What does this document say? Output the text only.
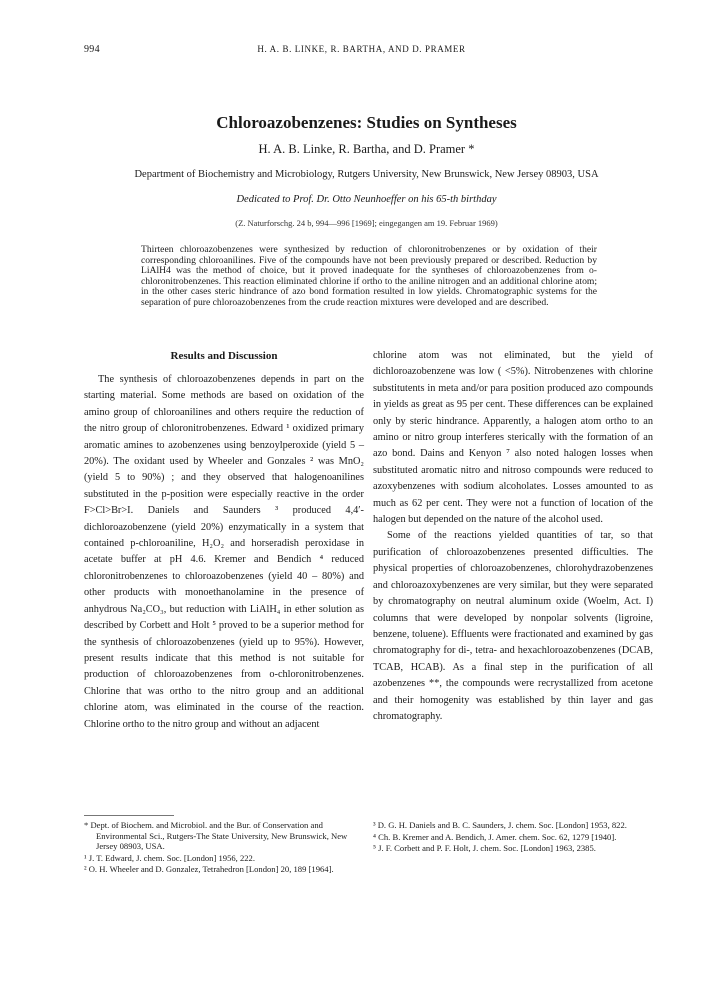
994	H. A. B. LINKE, R. BARTHA, AND D. PRAMER
Chloroazobenzenes: Studies on Syntheses
H. A. B. Linke, R. Bartha, and D. Pramer *
Department of Biochemistry and Microbiology, Rutgers University, New Brunswick, New Jersey 08903, USA
Dedicated to Prof. Dr. Otto Neunhoeffer on his 65-th birthday
(Z. Naturforschg. 24 b, 994—996 [1969]; eingegangen am 19. Februar 1969)
Thirteen chloroazobenzenes were synthesized by reduction of chloronitrobenzenes or by oxidation of their corresponding chloroanilines. Five of the compounds have not been previously prepared or described. Reduction by LiAlH4 was the method of choice, but it proved inadequate for the syntheses of chloroazobenzenes from o-chloronitrobenzenes. This reaction eliminated chlorine if ortho to the aniline nitrogen and an additional chlorine atom; in the other cases steric hindrance of azo bond formation resulted in low yields. Chromatographic systems for the separation of pure chloroazobenzenes from the crude reaction mixtures were developed and are described.
Results and Discussion

The synthesis of chloroazobenzenes depends in part on the starting material. Some methods are based on oxidation of the amino group of chloroanilines and others require the reduction of the nitro group of chloronitrobenzenes. Edward ¹ oxidized primary aromatic amines to azobenzenes using benzoylperoxide (yield 5 – 20%). The oxidant used by Wheeler and Gonzales ² was MnO₂ (yield 5 to 90%) ; and they observed that halogenoanilines substituted in the p-position were especially reactive in the order F>Cl>Br>I. Daniels and Saunders ³ produced 4,4′-dichloroazobenzene (yield 20%) enzymatically in a system that contained p-chloroaniline, H₂O₂ and horseradish peroxidase in acetate buffer at pH 4.6. Kremer and Bendich ⁴ reduced chloronitrobenzenes to chloroazobenzenes (yield 40 – 80%) and other products with monoethanolamine in the presence of anhydrous Na₂CO₃, but reduction with LiAlH₄ in ether solution as described by Corbett and Holt ⁵ proved to be a superior method for the synthesis of chloroazobenzenes (yield up to 95%). However, present results indicate that this method is not suitable for production of chloroazobenzenes from o-chloronitrobenzenes. Chlorine that was ortho to the nitro group and an additional chlorine atom, was eliminated in the course of the reaction. Chlorine ortho to the nitro group and without an adjacent

chlorine atom was not eliminated, but the yield of dichloroazobenzene was low ( <5%). Nitrobenzenes with chlorine substitutents in meta and/or para position produced azo compounds in yields as great as 95 per cent. These differences can be explained only by steric hindrance. Apparently, a halogen atom ortho to an amino or nitro group interferes sterically with the formation of an azo bond. Dains and Kenyon ⁷ also noted halogen losses when substituted aromatic nitro and nitroso compounds were reduced to azoxybenzenes with sodium alcoholates. Losses amounted to as much as 62 per cent. They were not a function of location of the halogen but depended on the nature of the alcohol used.

Some of the reactions yielded quantities of tar, so that purification of chloroazobenzenes presented difficulties. The physical properties of chloroazobenzenes, chlorohydrazobenzenes and chloroazoxybenzenes are very similar, but they were separated by chromatography on neutral aluminum oxide (Woelm, Act. I) columns that were developed by nonpolar solvents (ligroine, benzene, toluene). Effluents were fractionated and examined by gas chromatography for di-, tetra- and hexachloroazobenzenes (DCAB, TCAB, HCAB). As a final step in the purification of all azobenzenes **, the compounds were recrystallized from acetone and their homogenity was established by thin layer and gas chromatography.

* Dept. of Biochem. and Microbiol. and the Bur. of Conservation and Environmental Sci., Rutgers-The State University, New Brunswick, New Jersey 08903, USA.
¹ J. T. Edward, J. chem. Soc. [London] 1956, 222.
² O. H. Wheeler and D. Gonzalez, Tetrahedron [London] 20, 189 [1964].
³ D. G. H. Daniels and B. C. Saunders, J. chem. Soc. [London] 1953, 822.
⁴ Ch. B. Kremer and A. Bendich, J. Amer. chem. Soc. 62, 1279 [1940].
⁵ J. F. Corbett and P. F. Holt, J. chem. Soc. [London] 1963, 2385.
